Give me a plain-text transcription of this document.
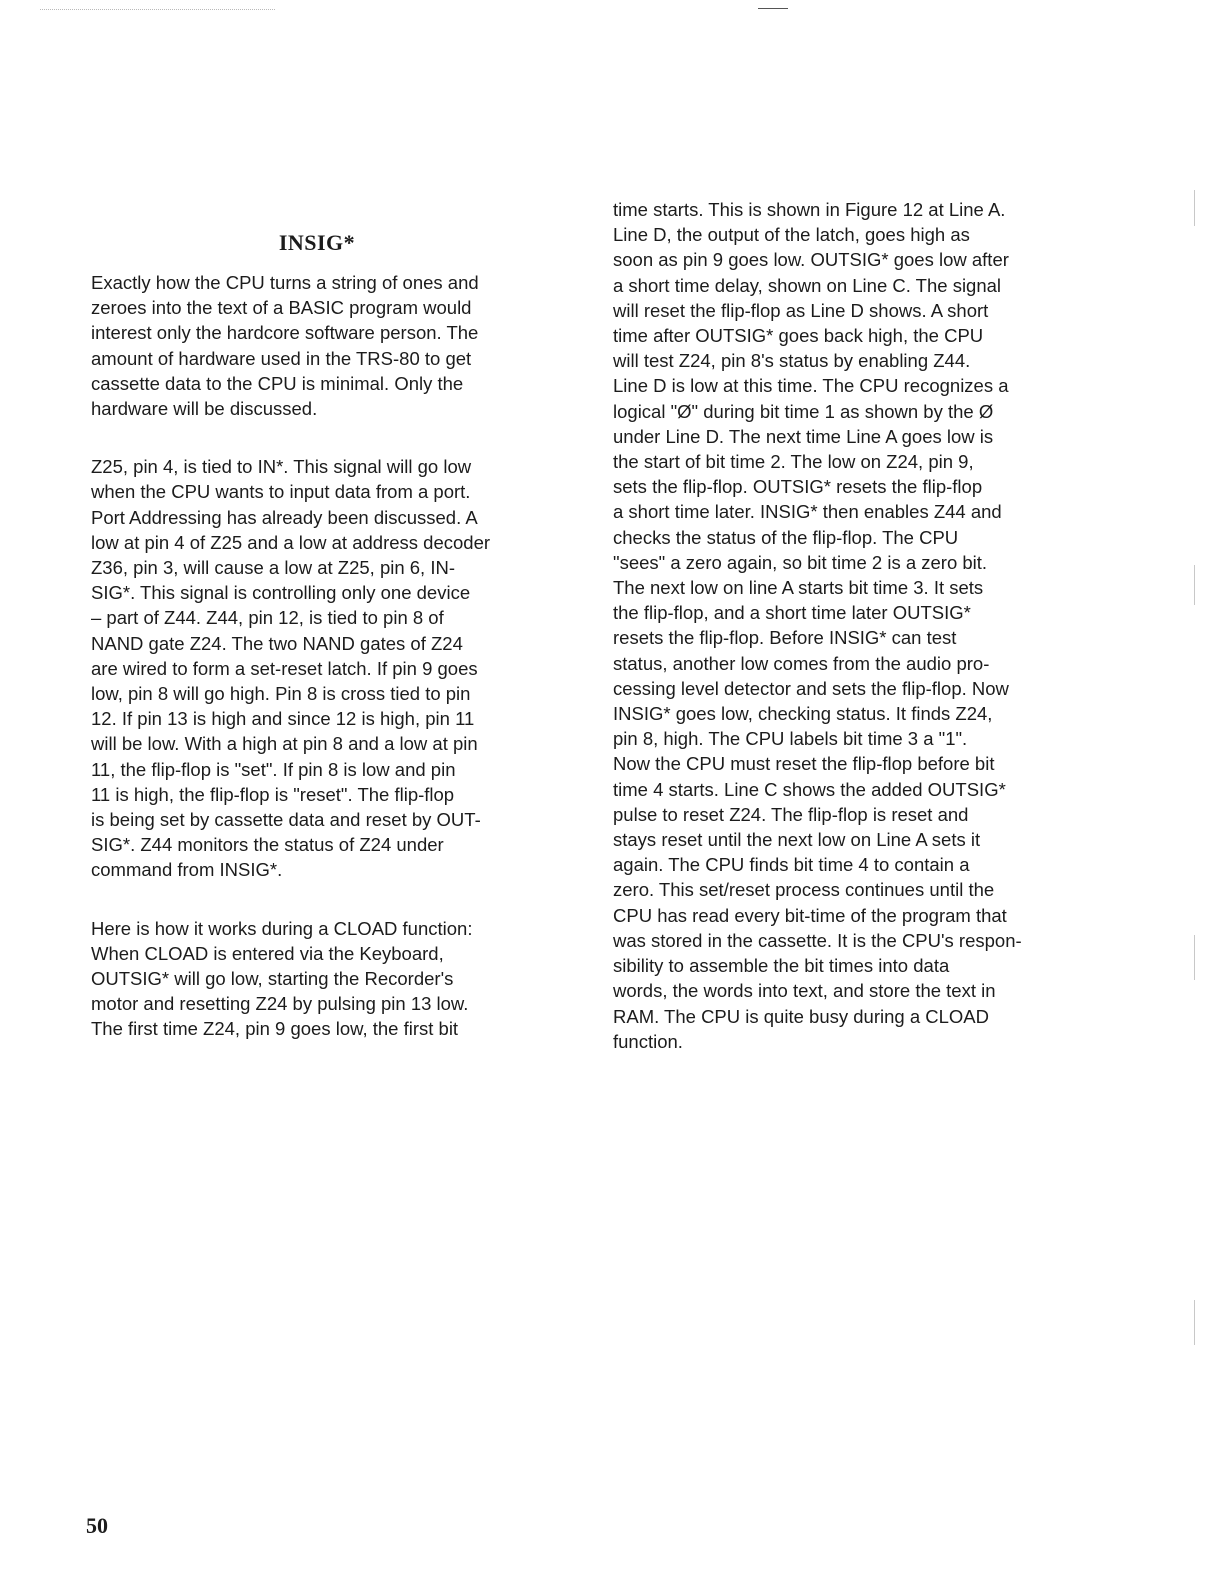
INSIG*

Exactly how the CPU turns a string of ones and
zeroes into the text of a BASIC program would
interest only the hardcore software person. The
amount of hardware used in the TRS-80 to get
cassette data to the CPU is minimal. Only the
hardware will be discussed.

Z25, pin 4, is tied to IN*. This signal will go low
when the CPU wants to input data from a port.
Port Addressing has already been discussed. A
low at pin 4 of Z25 and a low at address decoder
Z36, pin 3, will cause a low at Z25, pin 6, IN-
SIG*. This signal is controlling only one device
– part of Z44. Z44, pin 12, is tied to pin 8 of
NAND gate Z24. The two NAND gates of Z24
are wired to form a set-reset latch. If pin 9 goes
low, pin 8 will go high. Pin 8 is cross tied to pin
12. If pin 13 is high and since 12 is high, pin 11
will be low. With a high at pin 8 and a low at pin
11, the flip-flop is "set". If pin 8 is low and pin
11 is high, the flip-flop is "reset". The flip-flop
is being set by cassette data and reset by OUT-
SIG*. Z44 monitors the status of Z24 under
command from INSIG*.

Here is how it works during a CLOAD function:
When CLOAD is entered via the Keyboard,
OUTSIG* will go low, starting the Recorder's
motor and resetting Z24 by pulsing pin 13 low.
The first time Z24, pin 9 goes low, the first bit

time starts. This is shown in Figure 12 at Line A.
Line D, the output of the latch, goes high as
soon as pin 9 goes low. OUTSIG* goes low after
a short time delay, shown on Line C. The signal
will reset the flip-flop as Line D shows. A short
time after OUTSIG* goes back high, the CPU
will test Z24, pin 8's status by enabling Z44.
Line D is low at this time. The CPU recognizes a
logical "Ø" during bit time 1 as shown by the Ø
under Line D. The next time Line A goes low is
the start of bit time 2. The low on Z24, pin 9,
sets the flip-flop. OUTSIG* resets the flip-flop
a short time later. INSIG* then enables Z44 and
checks the status of the flip-flop. The CPU
"sees" a zero again, so bit time 2 is a zero bit.
The next low on line A starts bit time 3. It sets
the flip-flop, and a short time later OUTSIG*
resets the flip-flop. Before INSIG* can test
status, another low comes from the audio pro-
cessing level detector and sets the flip-flop. Now
INSIG* goes low, checking status. It finds Z24,
pin 8, high. The CPU labels bit time 3 a "1".
Now the CPU must reset the flip-flop before bit
time 4 starts. Line C shows the added OUTSIG*
pulse to reset Z24. The flip-flop is reset and
stays reset until the next low on Line A sets it
again. The CPU finds bit time 4 to contain a
zero. This set/reset process continues until the
CPU has read every bit-time of the program that
was stored in the cassette. It is the CPU's respon-
sibility to assemble the bit times into data
words, the words into text, and store the text in
RAM. The CPU is quite busy during a CLOAD
function.

50
